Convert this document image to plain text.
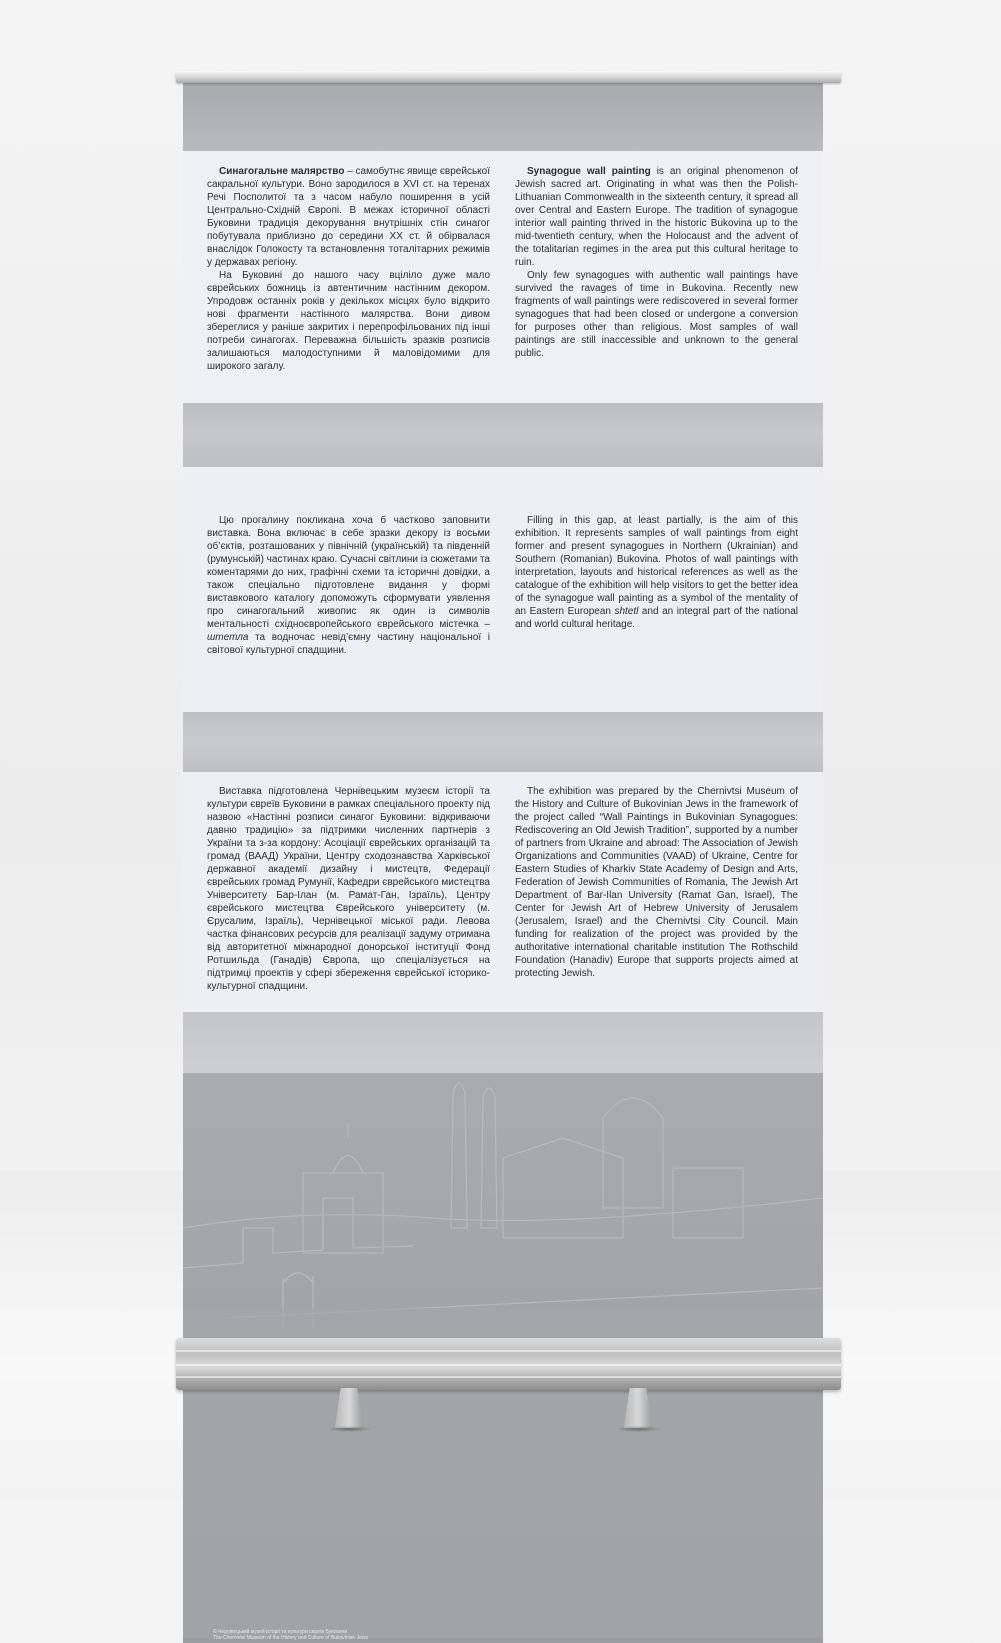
Синагогальне малярство – самобутнє явище єврейської сакральної культури. Воно зародилося в XVI ст. на теренах Речі Посполитої та з часом набуло поширення в усій Центрально-Східній Європі. В межах історичної області Буковини традиція декорування внутрішніх стін синагог побутувала приблизно до середини XX ст. й обірвалася внаслідок Голокосту та встановлення тоталітарних режимів у державах регіону.

На Буковині до нашого часу вціліло дуже мало єврейських божниць із автентичним настінним декором. Упродовж останніх років у декількох місцях було відкрито нові фрагменти настінного малярства. Вони дивом збереглися у раніше закритих і перепрофільованих під інші потреби синагогах. Переважна більшість зразків розписів залишаються малодоступними й маловідомими для широкого загалу.

Synagogue wall painting is an original phenomenon of Jewish sacred art. Originating in what was then the Polish-Lithuanian Commonwealth in the sixteenth century, it spread all over Central and Eastern Europe. The tradition of synagogue interior wall painting thrived in the historic Bukovina up to the mid-twentieth century, when the Holocaust and the advent of the totalitarian regimes in the area put this cultural heritage to ruin.

Only few synagogues with authentic wall paintings have survived the ravages of time in Bukovina. Recently new fragments of wall paintings were rediscovered in several former synagogues that had been closed or undergone a conversion for purposes other than religious. Most samples of wall paintings are still inaccessible and unknown to the general public.

Цю прогалину покликана хоча б частково заповнити виставка. Вона включає в себе зразки декору із восьми об’єктів, розташованих у північній (українській) та південній (румунській) частинах краю. Сучасні світлини із сюжетами та коментарями до них, графічні схеми та історичні довідки, а також спеціально підготовлене видання у формі виставкового каталогу допоможуть сформувати уявлення про синагогальний живопис як один із символів ментальності східноєвропейського єврейського містечка – штетла та водночас невід’ємну частину національної і світової культурної спадщини.

Filling in this gap, at least partially, is the aim of this exhibition. It represents samples of wall paintings from eight former and present synagogues in Northern (Ukrainian) and Southern (Romanian) Bukovina. Photos of wall paintings with interpretation, layouts and historical references as well as the catalogue of the exhibition will help visitors to get the better idea of the synagogue wall painting as a symbol of the mentality of an Eastern European shtetl and an integral part of the national and world cultural heritage.

Виставка підготовлена Чернівецьким музеєм історії та культури євреїв Буковини в рамках спеціального проекту під назвою «Настінні розписи синагог Буковини: відкриваючи давню традицію» за підтримки численних партнерів з України та з-за кордону: Асоціації єврейських організацій та громад (ВААД) України, Центру сходознавства Харківської державної академії дизайну і мистецтв, Федерації єврейських громад Румунії, Кафедри єврейського мистецтва Університету Бар-Ілан (м. Рамат-Ган, Ізраїль), Центру єврейського мистецтва Єврейського університету (м. Єрусалим, Ізраїль), Чернівецької міської ради. Левова частка фінансових ресурсів для реалізації задуму отримана від авторитетної міжнародної донорської інституції Фонд Ротшильда (Ганадів) Європа, що спеціалізується на підтримці проектів у сфері збереження єврейської історико-культурної спадщини.

The exhibition was prepared by the Chernivtsi Museum of the History and Culture of Bukovinian Jews in the framework of the project called “Wall Paintings in Bukovinian Synagogues: Rediscovering an Old Jewish Tradition”, supported by a number of partners from Ukraine and abroad: The Association of Jewish Organizations and Communities (VAAD) of Ukraine, Centre for Eastern Studies of Kharkiv State Academy of Design and Arts, Federation of Jewish Communities of Romania, The Jewish Art Department of Bar-Ilan University (Ramat Gan, Israel), The Center for Jewish Art of Hebrew University of Jerusalem (Jerusalem, Israel) and the Chernivtsi City Council. Main funding for realization of the project was provided by the authoritative international charitable institution The Rothschild Foundation (Hanadiv) Europe that supports projects aimed at protecting Jewish.

© Чернівецький музей історії та культури євреїв Буковини
The Chernivtsi Museum of the History and Culture of Bukovinian Jews
